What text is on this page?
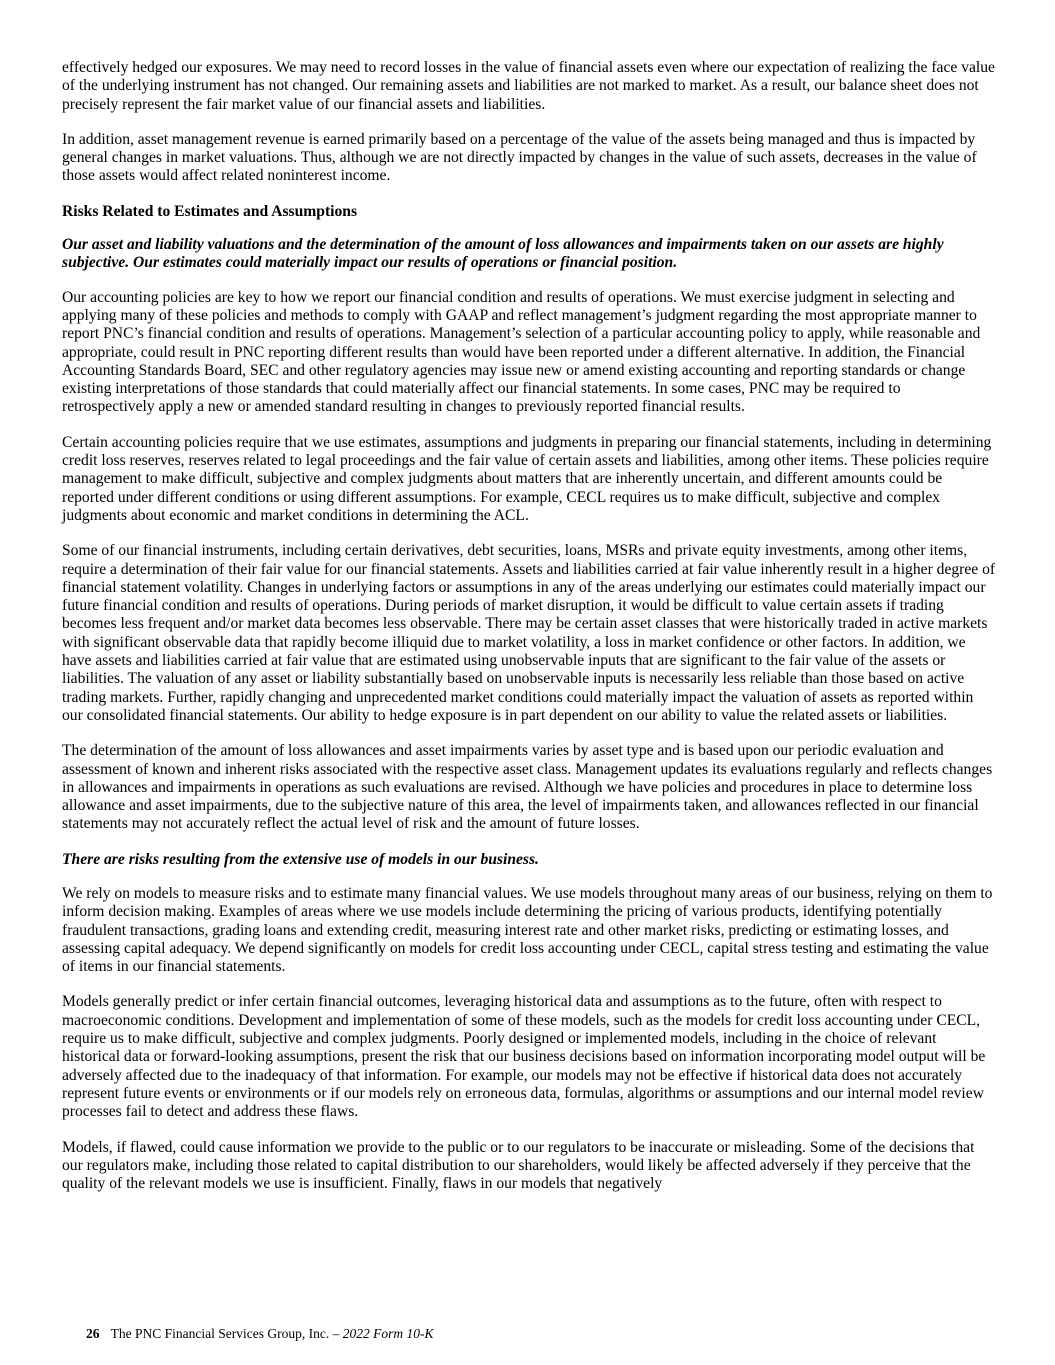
effectively hedged our exposures. We may need to record losses in the value of financial assets even where our expectation of realizing the face value of the underlying instrument has not changed. Our remaining assets and liabilities are not marked to market. As a result, our balance sheet does not precisely represent the fair market value of our financial assets and liabilities.

In addition, asset management revenue is earned primarily based on a percentage of the value of the assets being managed and thus is impacted by general changes in market valuations. Thus, although we are not directly impacted by changes in the value of such assets, decreases in the value of those assets would affect related noninterest income.

Risks Related to Estimates and Assumptions
Our asset and liability valuations and the determination of the amount of loss allowances and impairments taken on our assets are highly subjective. Our estimates could materially impact our results of operations or financial position.

Our accounting policies are key to how we report our financial condition and results of operations. We must exercise judgment in selecting and applying many of these policies and methods to comply with GAAP and reflect management’s judgment regarding the most appropriate manner to report PNC’s financial condition and results of operations. Management’s selection of a particular accounting policy to apply, while reasonable and appropriate, could result in PNC reporting different results than would have been reported under a different alternative. In addition, the Financial Accounting Standards Board, SEC and other regulatory agencies may issue new or amend existing accounting and reporting standards or change existing interpretations of those standards that could materially affect our financial statements. In some cases, PNC may be required to retrospectively apply a new or amended standard resulting in changes to previously reported financial results.

Certain accounting policies require that we use estimates, assumptions and judgments in preparing our financial statements, including in determining credit loss reserves, reserves related to legal proceedings and the fair value of certain assets and liabilities, among other items. These policies require management to make difficult, subjective and complex judgments about matters that are inherently uncertain, and different amounts could be reported under different conditions or using different assumptions. For example, CECL requires us to make difficult, subjective and complex judgments about economic and market conditions in determining the ACL.

Some of our financial instruments, including certain derivatives, debt securities, loans, MSRs and private equity investments, among other items, require a determination of their fair value for our financial statements. Assets and liabilities carried at fair value inherently result in a higher degree of financial statement volatility. Changes in underlying factors or assumptions in any of the areas underlying our estimates could materially impact our future financial condition and results of operations. During periods of market disruption, it would be difficult to value certain assets if trading becomes less frequent and/or market data becomes less observable. There may be certain asset classes that were historically traded in active markets with significant observable data that rapidly become illiquid due to market volatility, a loss in market confidence or other factors. In addition, we have assets and liabilities carried at fair value that are estimated using unobservable inputs that are significant to the fair value of the assets or liabilities. The valuation of any asset or liability substantially based on unobservable inputs is necessarily less reliable than those based on active trading markets. Further, rapidly changing and unprecedented market conditions could materially impact the valuation of assets as reported within our consolidated financial statements. Our ability to hedge exposure is in part dependent on our ability to value the related assets or liabilities.

The determination of the amount of loss allowances and asset impairments varies by asset type and is based upon our periodic evaluation and assessment of known and inherent risks associated with the respective asset class. Management updates its evaluations regularly and reflects changes in allowances and impairments in operations as such evaluations are revised. Although we have policies and procedures in place to determine loss allowance and asset impairments, due to the subjective nature of this area, the level of impairments taken, and allowances reflected in our financial statements may not accurately reflect the actual level of risk and the amount of future losses.

There are risks resulting from the extensive use of models in our business.

We rely on models to measure risks and to estimate many financial values. We use models throughout many areas of our business, relying on them to inform decision making. Examples of areas where we use models include determining the pricing of various products, identifying potentially fraudulent transactions, grading loans and extending credit, measuring interest rate and other market risks, predicting or estimating losses, and assessing capital adequacy. We depend significantly on models for credit loss accounting under CECL, capital stress testing and estimating the value of items in our financial statements.

Models generally predict or infer certain financial outcomes, leveraging historical data and assumptions as to the future, often with respect to macroeconomic conditions. Development and implementation of some of these models, such as the models for credit loss accounting under CECL, require us to make difficult, subjective and complex judgments. Poorly designed or implemented models, including in the choice of relevant historical data or forward-looking assumptions, present the risk that our business decisions based on information incorporating model output will be adversely affected due to the inadequacy of that information. For example, our models may not be effective if historical data does not accurately represent future events or environments or if our models rely on erroneous data, formulas, algorithms or assumptions and our internal model review processes fail to detect and address these flaws.

Models, if flawed, could cause information we provide to the public or to our regulators to be inaccurate or misleading. Some of the decisions that our regulators make, including those related to capital distribution to our shareholders, would likely be affected adversely if they perceive that the quality of the relevant models we use is insufficient. Finally, flaws in our models that negatively

26 The PNC Financial Services Group, Inc. – 2022 Form 10-K
